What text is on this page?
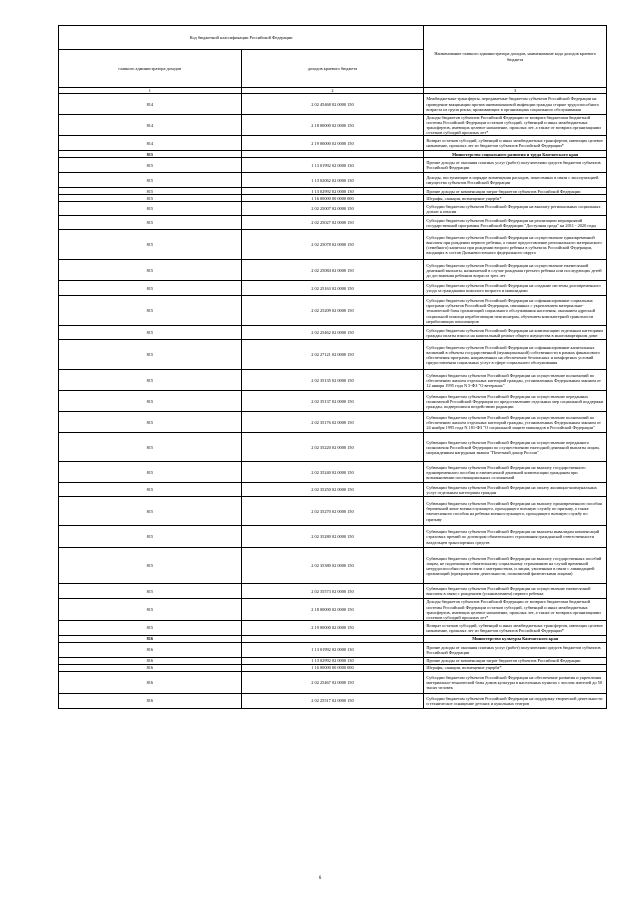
Код бюджетной классификации Российской Федерации		Наименование главного администратора доходов, наименование кода доходов краевого бюджета
главного администратора доходов	доходов краевого бюджета	
1	2	3
814	2 02 45468 02 0000 150	Межбюджетные трансферты, передаваемые бюджетам субъектов Российской Федерации на проведение вакцинации против пневмококковой инфекции граждан старше трудоспособного возраста из групп риска, проживающих в организациях социального обслуживания
814	2 18 00000 02 0000 150	Доходы бюджетов субъектов Российской Федерации от возврата бюджетами бюджетной системы Российской Федерации остатков субсидий, субвенций и иных межбюджетных трансфертов, имеющих целевое назначение, прошлых лет, а также от возврата организациями остатков субсидий прошлых лет*
814	2 19 00000 02 0000 150	Возврат остатков субсидий, субвенций и иных межбюджетных трансфертов, имеющих целевое назначение, прошлых лет из бюджетов субъектов Российской Федерации*
815		Министерство социального развития и труда Камчатского края
815	1 13 01992 02 0000 130	Прочие доходы от оказания платных услуг (работ) получателями средств бюджетов субъектов Российской Федерации
815	1 13 02062 02 0000 130	Доходы, поступающие в порядке возмещения расходов, понесенных в связи с эксплуатацией имущества субъектов Российской Федерации
815	1 13 02992 02 0000 130	Прочие доходы от компенсации затрат бюджетов субъектов Российской Федерации
815	1 16 00000 00 0000 000	Штрафы, санкции, возмещение ущерба*
815	2 02 25007 02 0000 150	Субсидии бюджетам субъектов Российской Федерации на выплату региональных социальных доплат к пенсии
815	2 02 25027 02 0000 150	Субсидии бюджетам субъектов Российской Федерации на реализацию мероприятий государственной программы Российской Федерации "Доступная среда" на 2011 - 2020 годы
815	2 02 25078 02 0000 150	Субсидии бюджетам субъектов Российской Федерации на осуществление единовременной выплаты при рождении первого ребенка, а также предоставление регионального материнского (семейного) капитала при рождении второго ребенка в субъектах Российской Федерации, входящих в состав Дальневосточного федерального округа
815	2 02 25084 02 0000 150	Субсидии бюджетам субъектов Российской Федерации на осуществление ежемесячной денежной выплаты, назначаемой в случае рождения третьего ребенка или последующих детей до достижения ребенком возраста трех лет
815	2 02 25163 02 0000 150	Субсидии бюджетам субъектов Российской Федерации на создание системы долговременного ухода за гражданами пожилого возраста и инвалидами
815	2 02 25209 02 0000 150	Субсидии бюджетам субъектов Российской Федерации на софинансирование социальных программ субъектов Российской Федерации, связанных с укреплением материально-технической базы организаций социального обслуживания населения, оказанием адресной социальной помощи неработающим пенсионерам, обучением компьютерной грамотности неработающих пенсионеров
815	2 02 25462 02 0000 150	Субсидии бюджетам субъектов Российской Федерации на компенсацию отдельным категориям граждан оплаты взноса на капитальный ремонт общего имущества в многоквартирном доме
815	2 02 27121 02 0000 150	Субсидии бюджетам субъектов Российской Федерации на софинансирование капитальных вложений в объекты государственной (муниципальной) собственности в рамках финансового обеспечения программ, направленных на обеспечение безопасных и комфортных условий предоставления социальных услуг в сфере социального обслуживания
815	2 02 35135 02 0000 150	Субвенции бюджетам субъектов Российской Федерации на осуществление полномочий по обеспечению жильем отдельных категорий граждан, установленных Федеральным законом от 12 января 1995 года N 5-ФЗ "О ветеранах"
815	2 02 35137 02 0000 150	Субвенции бюджетам субъектов Российской Федерации на осуществление переданных полномочий Российской Федерации по предоставлению отдельных мер социальной поддержки граждан, подвергшихся воздействию радиации
815	2 02 35176 02 0000 150	Субвенции бюджетам субъектов Российской Федерации на осуществление полномочий по обеспечению жильем отдельных категорий граждан, установленных Федеральным законом от 24 ноября 1995 года N 181-ФЗ "О социальной защите инвалидов в Российской Федерации"
815	2 02 35220 02 0000 150	Субвенции бюджетам субъектов Российской Федерации на осуществление переданного полномочия Российской Федерации по осуществлению ежегодной денежной выплаты лицам, награжденным нагрудным знаком "Почетный донор России"
815	2 02 35240 02 0000 150	Субвенции бюджетам субъектов Российской Федерации на выплату государственного единовременного пособия и ежемесячной денежной компенсации гражданам при возникновении поствакцинальных осложнений
815	2 02 35250 02 0000 150	Субвенции бюджетам субъектов Российской Федерации на оплату жилищно-коммунальных услуг отдельным категориям граждан
815	2 02 35270 02 0000 150	Субвенции бюджетам субъектов Российской Федерации на выплату единовременного пособия беременной жене военнослужащего, проходящего военную службу по призыву, а также ежемесячного пособия на ребенка военнослужащего, проходящего военную службу по призыву
815	2 02 35280 02 0000 150	Субвенции бюджетам субъектов Российской Федерации на выплаты инвалидам компенсаций страховых премий по договорам обязательного страхования гражданской ответственности владельцев транспортных средств
815	2 02 35380 02 0000 150	Субвенции бюджетам субъектов Российской Федерации на выплату государственных пособий лицам, не подлежащим обязательному социальному страхованию на случай временной нетрудоспособности и в связи с материнством, и лицам, уволенным в связи с ликвидацией организаций (прекращением деятельности, полномочий физическими лицами)
815	2 02 35573 02 0000 150	Субвенции бюджетам субъектов Российской Федерации на осуществление ежемесячной выплаты в связи с рождением (усыновлением) первого ребенка
815	2 18 00000 02 0000 150	Доходы бюджетов субъектов Российской Федерации от возврата бюджетами бюджетной системы Российской Федерации остатков субсидий, субвенций и иных межбюджетных трансфертов, имеющих целевое назначение, прошлых лет, а также от возврата организациями остатков субсидий прошлых лет*
815	2 19 00000 02 0000 150	Возврат остатков субсидий, субвенций и иных межбюджетных трансфертов, имеющих целевое назначение, прошлых лет из бюджетов субъектов Российской Федерации*
816		Министерство культуры Камчатского края
816	1 13 01992 02 0000 130	Прочие доходы от оказания платных услуг (работ) получателями средств бюджетов субъектов Российской Федерации
816	1 13 02992 02 0000 130	Прочие доходы от компенсации затрат бюджетов субъектов Российской Федерации
816	1 16 00000 00 0000 000	Штрафы, санкции, возмещение ущерба*
816	2 02 25467 02 0000 150	Субсидии бюджетам субъектов Российской Федерации на обеспечение развития и укрепления материально-технической базы домов культуры в населенных пунктах с числом жителей до 50 тысяч человек
816	2 02 25517 02 0000 150	Субсидии бюджетам субъектов Российской Федерации на поддержку творческой деятельности и техническое оснащение детских и кукольных театров
6
